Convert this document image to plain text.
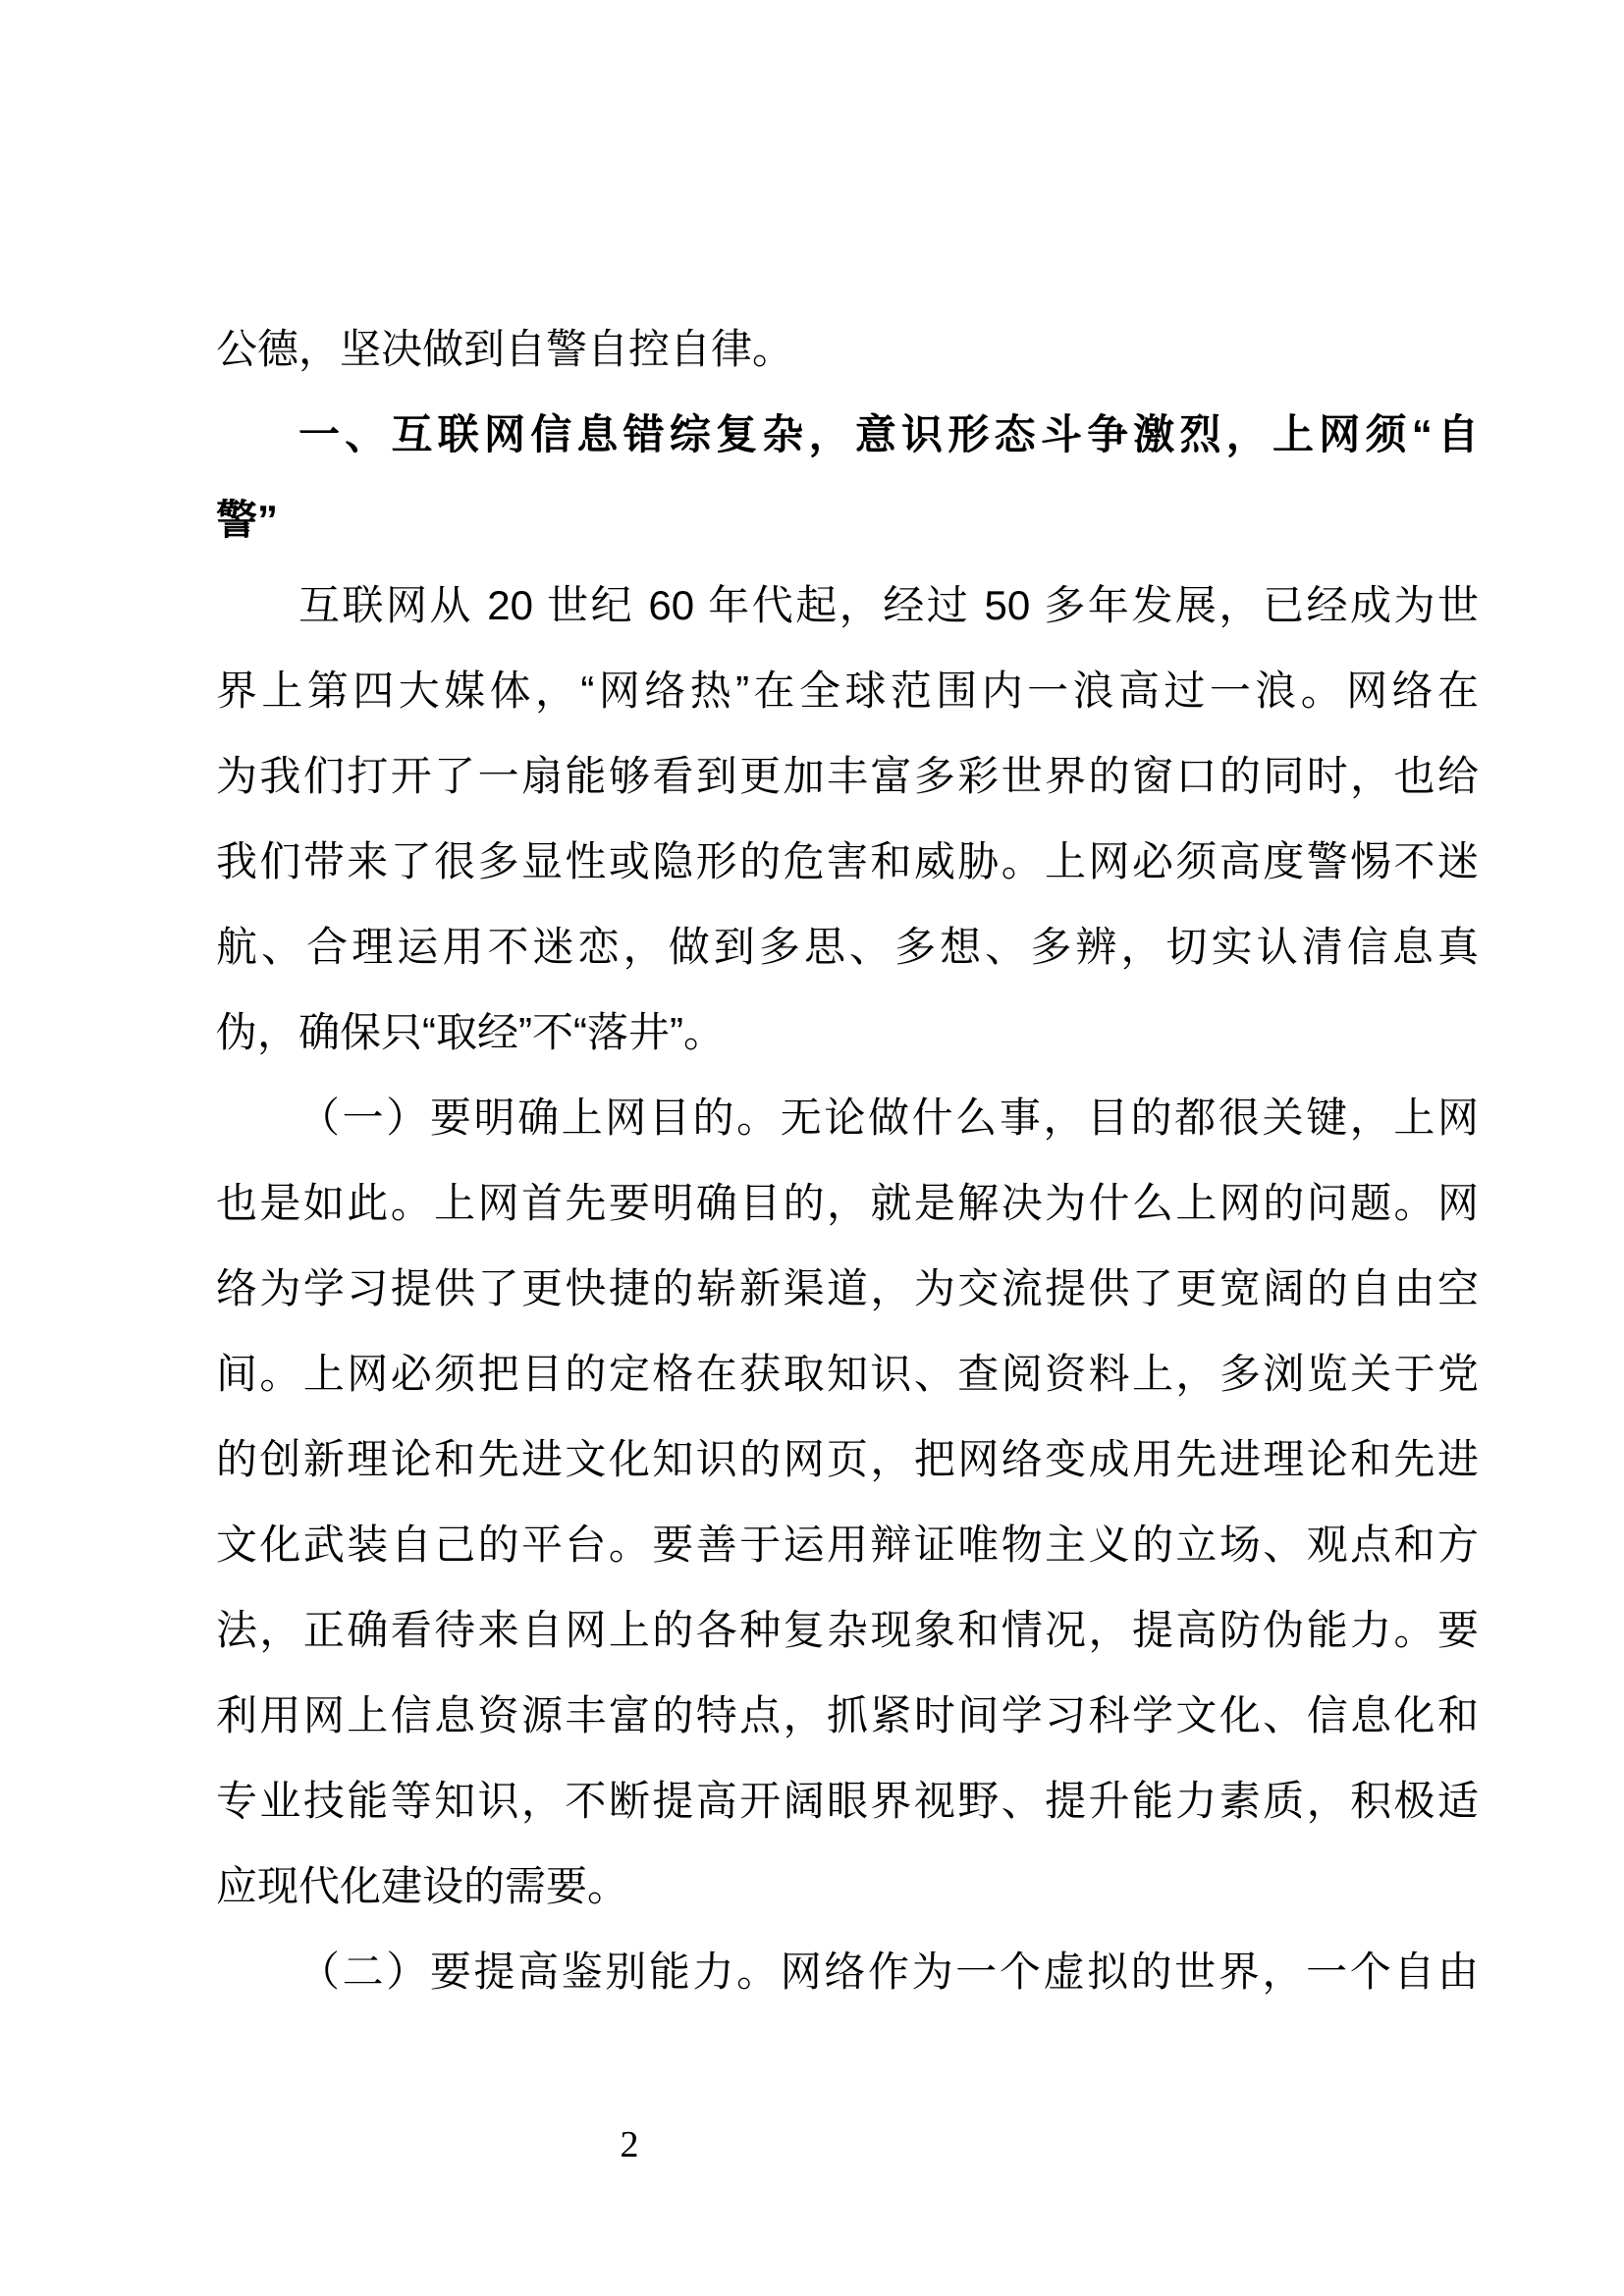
公德，坚决做到自警自控自律。
一、互联网信息错综复杂，意识形态斗争激烈，上网须“自
警”
互联网从 20 世纪 60 年代起，经过 50 多年发展，已经成为世
界上第四大媒体，“网络热”在全球范围内一浪高过一浪。网络在
为我们打开了一扇能够看到更加丰富多彩世界的窗口的同时，也给
我们带来了很多显性或隐形的危害和威胁。上网必须高度警惕不迷
航、合理运用不迷恋，做到多思、多想、多辨，切实认清信息真
伪，确保只“取经”不“落井”。
（一）要明确上网目的。无论做什么事，目的都很关键，上网
也是如此。上网首先要明确目的，就是解决为什么上网的问题。网
络为学习提供了更快捷的崭新渠道，为交流提供了更宽阔的自由空
间。上网必须把目的定格在获取知识、查阅资料上，多浏览关于党
的创新理论和先进文化知识的网页，把网络变成用先进理论和先进
文化武装自己的平台。要善于运用辩证唯物主义的立场、观点和方
法，正确看待来自网上的各种复杂现象和情况，提高防伪能力。要
利用网上信息资源丰富的特点，抓紧时间学习科学文化、信息化和
专业技能等知识，不断提高开阔眼界视野、提升能力素质，积极适
应现代化建设的需要。
（二）要提高鉴别能力。网络作为一个虚拟的世界，一个自由
2
